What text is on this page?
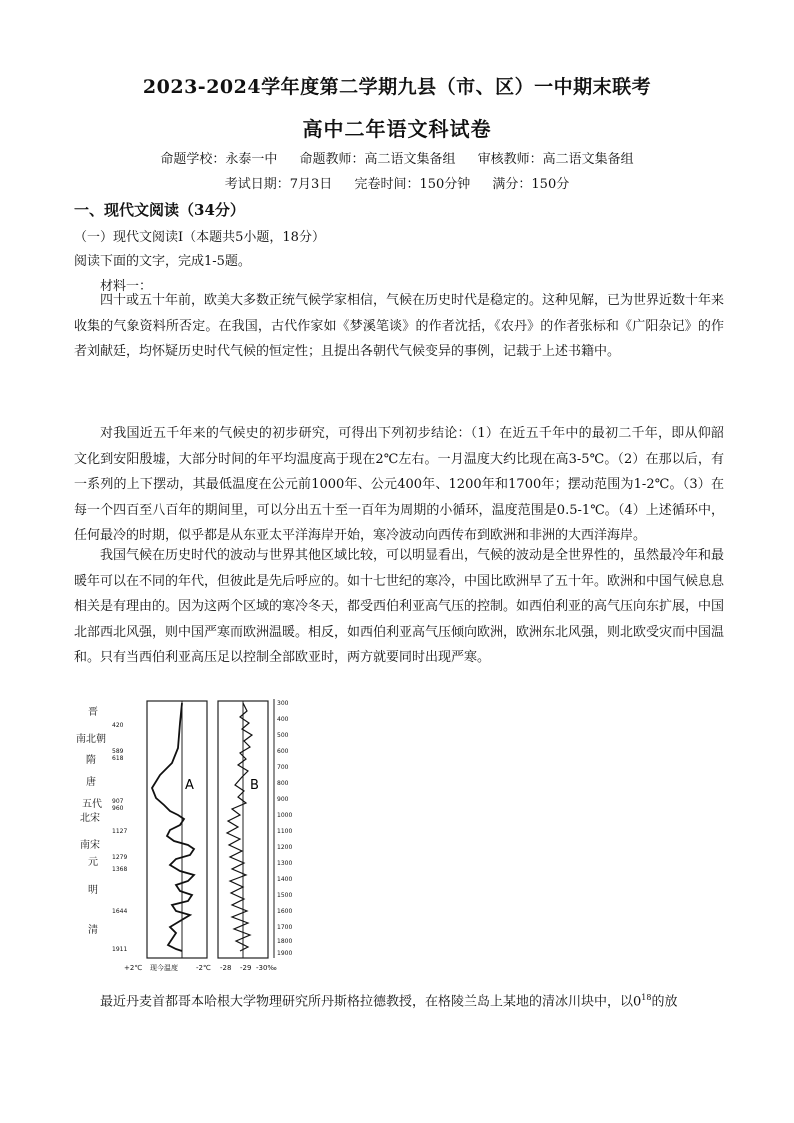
2023-2024学年度第二学期九县（市、区）一中期末联考
高中二年语文科试卷
命题学校：永泰一中 命题教师：高二语文集备组 审核教师：高二语文集备组
考试日期：7月3日 完卷时间：150分钟 满分：150分
一、现代文阅读（34分）
（一）现代文阅读Ⅰ（本题共5小题，18分）
阅读下面的文字，完成1-5题。
材料一：
四十或五十年前，欧美大多数正统气候学家相信，气候在历史时代是稳定的。这种见解，已为世界近数十年来收集的气象资料所否定。在我国，古代作家如《梦溪笔谈》的作者沈括，《农丹》的作者张标和《广阳杂记》的作者刘献廷，均怀疑历史时代气候的恒定性；且提出各朝代气候变异的事例，记载于上述书籍中。
对我国近五千年来的气候史的初步研究，可得出下列初步结论：（1）在近五千年中的最初二千年，即从仰韶文化到安阳殷墟，大部分时间的年平均温度高于现在2℃左右。一月温度大约比现在高3-5℃。（2）在那以后，有一系列的上下摆动，其最低温度在公元前1000年、公元400年、1200年和1700年；摆动范围为1-2℃。（3）在每一个四百至八百年的期间里，可以分出五十至一百年为周期的小循环，温度范围是0.5-1℃。（4）上述循环中，任何最冷的时期，似乎都是从东亚太平洋海岸开始，寒冷波动向西传布到欧洲和非洲的大西洋海岸。
我国气候在历史时代的波动与世界其他区域比较，可以明显看出，气候的波动是全世界性的，虽然最冷年和最暖年可以在不同的年代，但彼此是先后呼应的。如十七世纪的寒冷，中国比欧洲早了五十年。欧洲和中国气候息息相关是有理由的。因为这两个区域的寒冷冬天，都受西伯利亚高气压的控制。如西伯利亚的高气压向东扩展，中国北部西北风强，则中国严寒而欧洲温暖。相反，如西伯利亚高气压倾向欧洲，欧洲东北风强，则北欧受灾而中国温和。只有当西伯利亚高压足以控制全部欧亚时，两方就要同时出现严寒。
A	B
晋
南北朝
隋
唐
五代
北宋
南宋
元
明
清
420
589
618
907
960
1127
1279
1368
1644
1911
300
400
500
600
700
800
900
1000
1100
1200
1300
1400
1500
1600
1700
1800
1900
+2℃ 现今温度	-2℃ -28 -29 -30‰
最近丹麦首都哥本哈根大学物理研究所丹斯格拉德教授，在格陵兰岛上某地的清冰川块中，以$0^{18}$的放
